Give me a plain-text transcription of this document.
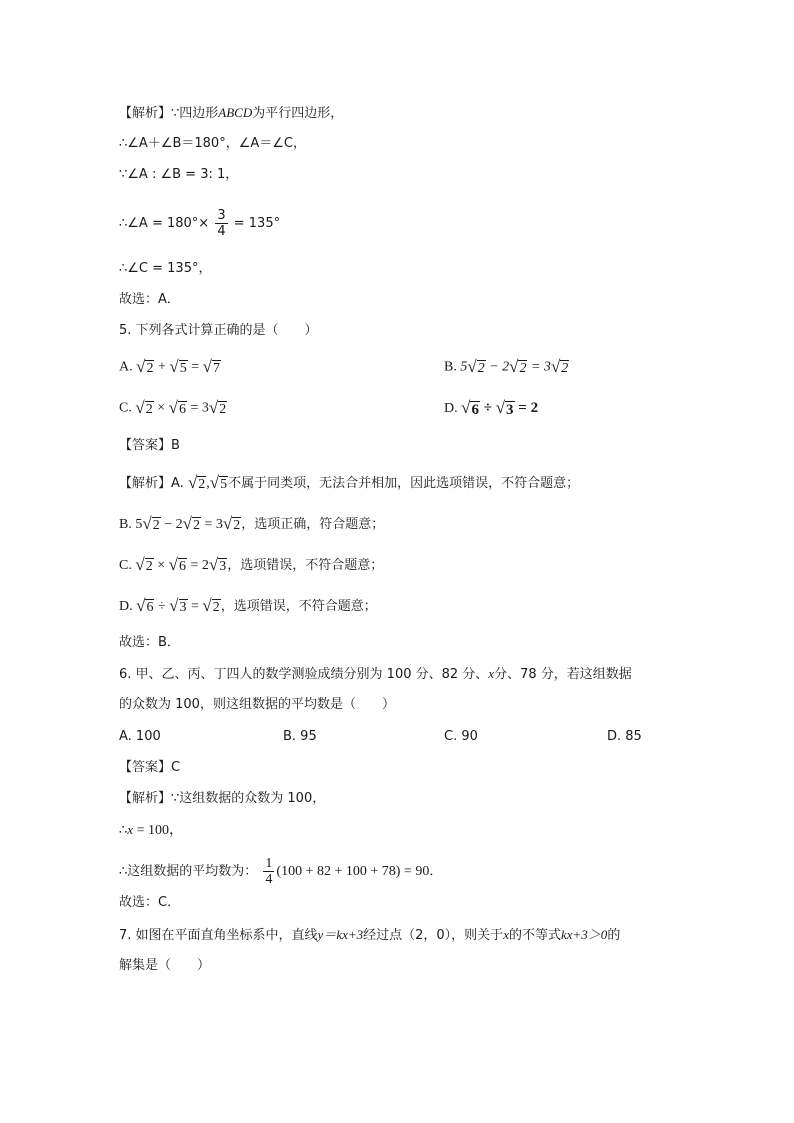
【解析】∵四边形ABCD为平行四边形，
∴∠A＋∠B＝180°，∠A＝∠C，
∵∠A : ∠B = 3: 1，
∴∠A = $180^\circ\times \frac{3}{4} = 135^\circ$
∴∠C = 135°，
故选：A．
5. 下列各式计算正确的是（　　）
A. √ 2 + √ 5 = √ 7	B. 5 √ 2 − 2 √ 2 = 3 √ 2
C. √ 2 × √ 6 = 3 √ 2	D. √ 6 ÷ √ 3 = 2
【答案】B
【解析】A. √ 2 , √ 5 不属于同类项，无法合并相加，因此选项错误，不符合题意；
B. 5 √ 2 − 2 √ 2 = 3 √ 2 ，选项正确，符合题意；
C. √ 2 × √ 6 = 2 √ 3 ，选项错误，不符合题意；
D. √ 6 ÷ √ 3 = √ 2 ，选项错误，不符合题意；
故选：B．
6. 甲、乙、丙、丁四人的数学测验成绩分别为 100 分、82 分、x分、78 分，若这组数据
的众数为 100，则这组数据的平均数是（　　）
A. 100	B. 95	C. 90	D. 85
【答案】C
【解析】∵这组数据的众数为 100，
∴x = 100，
∴这组数据的平均数为： $\frac{1}{4} (100 + 82 + 100 + 78) = 90$．
故选：C．
7. 如图在平面直角坐标系中，直线y＝kx+3经过点（2，0），则关于x的不等式kx+3＞0的
解集是（　　）
